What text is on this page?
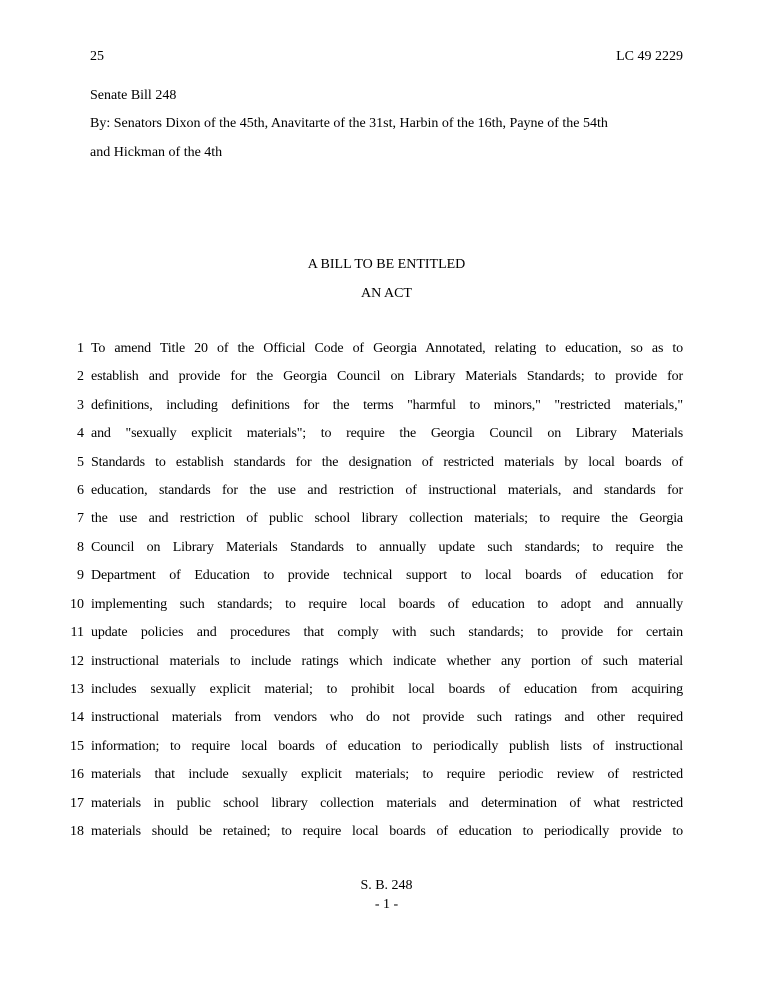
25	LC 49 2229
Senate Bill 248
By: Senators Dixon of the 45th, Anavitarte of the 31st, Harbin of the 16th, Payne of the 54th
and Hickman of the 4th
A BILL TO BE ENTITLED
AN ACT
1 To amend Title 20 of the Official Code of Georgia Annotated, relating to education, so as to
2 establish and provide for the Georgia Council on Library Materials Standards; to provide for
3 definitions, including definitions for the terms "harmful to minors," "restricted materials,"
4 and "sexually explicit materials"; to require the Georgia Council on Library Materials
5 Standards to establish standards for the designation of restricted materials by local boards of
6 education, standards for the use and restriction of instructional materials, and standards for
7 the use and restriction of public school library collection materials; to require the Georgia
8 Council on Library Materials Standards to annually update such standards; to require the
9 Department of Education to provide technical support to local boards of education for
10 implementing such standards; to require local boards of education to adopt and annually
11 update policies and procedures that comply with such standards; to provide for certain
12 instructional materials to include ratings which indicate whether any portion of such material
13 includes sexually explicit material; to prohibit local boards of education from acquiring
14 instructional materials from vendors who do not provide such ratings and other required
15 information; to require local boards of education to periodically publish lists of instructional
16 materials that include sexually explicit materials; to require periodic review of restricted
17 materials in public school library collection materials and determination of what restricted
18 materials should be retained; to require local boards of education to periodically provide to
S. B. 248
- 1 -
